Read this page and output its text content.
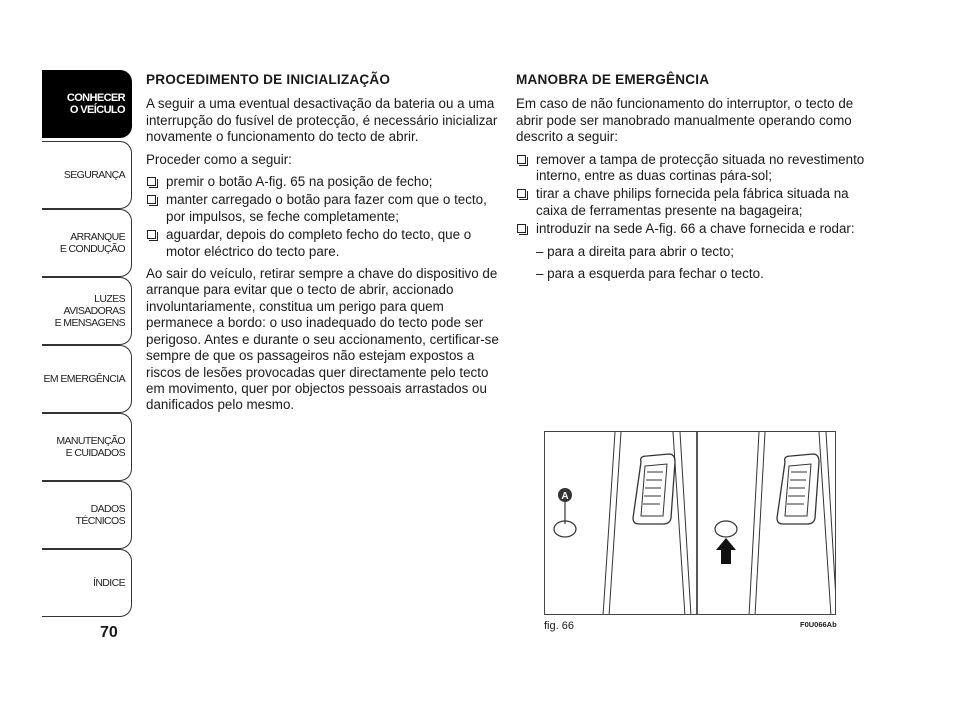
CONHECER
O VEÍCULO
SEGURANÇA
ARRANQUE
E CONDUÇÃO
LUZES
AVISADORAS
E MENSAGENS
EM EMERGÊNCIA
MANUTENÇÃO
E CUIDADOS
DADOS
TÉCNICOS
ÍNDICE
70
PROCEDIMENTO DE INICIALIZAÇÃO

A seguir a uma eventual desactivação da bateria ou a uma interrupção do fusível de protecção, é necessário inicializar novamente o funcionamento do tecto de abrir.

Proceder como a seguir:

premir o botão A-fig. 65 na posição de fecho;
manter carregado o botão para fazer com que o tecto, por impulsos, se feche completamente;
aguardar, depois do completo fecho do tecto, que o motor eléctrico do tecto pare.

Ao sair do veículo, retirar sempre a chave do dispositivo de arranque para evitar que o tecto de abrir, accionado involuntariamente, constitua um perigo para quem permanece a bordo: o uso inadequado do tecto pode ser perigoso. Antes e durante o seu accionamento, certificar-se sempre de que os passageiros não estejam expostos a riscos de lesões provocadas quer directamente pelo tecto em movimento, quer por objectos pessoais arrastados ou danificados pelo mesmo.

MANOBRA DE EMERGÊNCIA

Em caso de não funcionamento do interruptor, o tecto de abrir pode ser manobrado manualmente operando como descrito a seguir:

remover a tampa de protecção situada no revestimento interno, entre as duas cortinas pára-sol;
tirar a chave philips fornecida pela fábrica situada na caixa de ferramentas presente na bagageira;
introduzir na sede A-fig. 66 a chave fornecida e rodar:
– para a direita para abrir o tecto;
– para a esquerda para fechar o tecto.
A
fig. 66	F0U066Ab
